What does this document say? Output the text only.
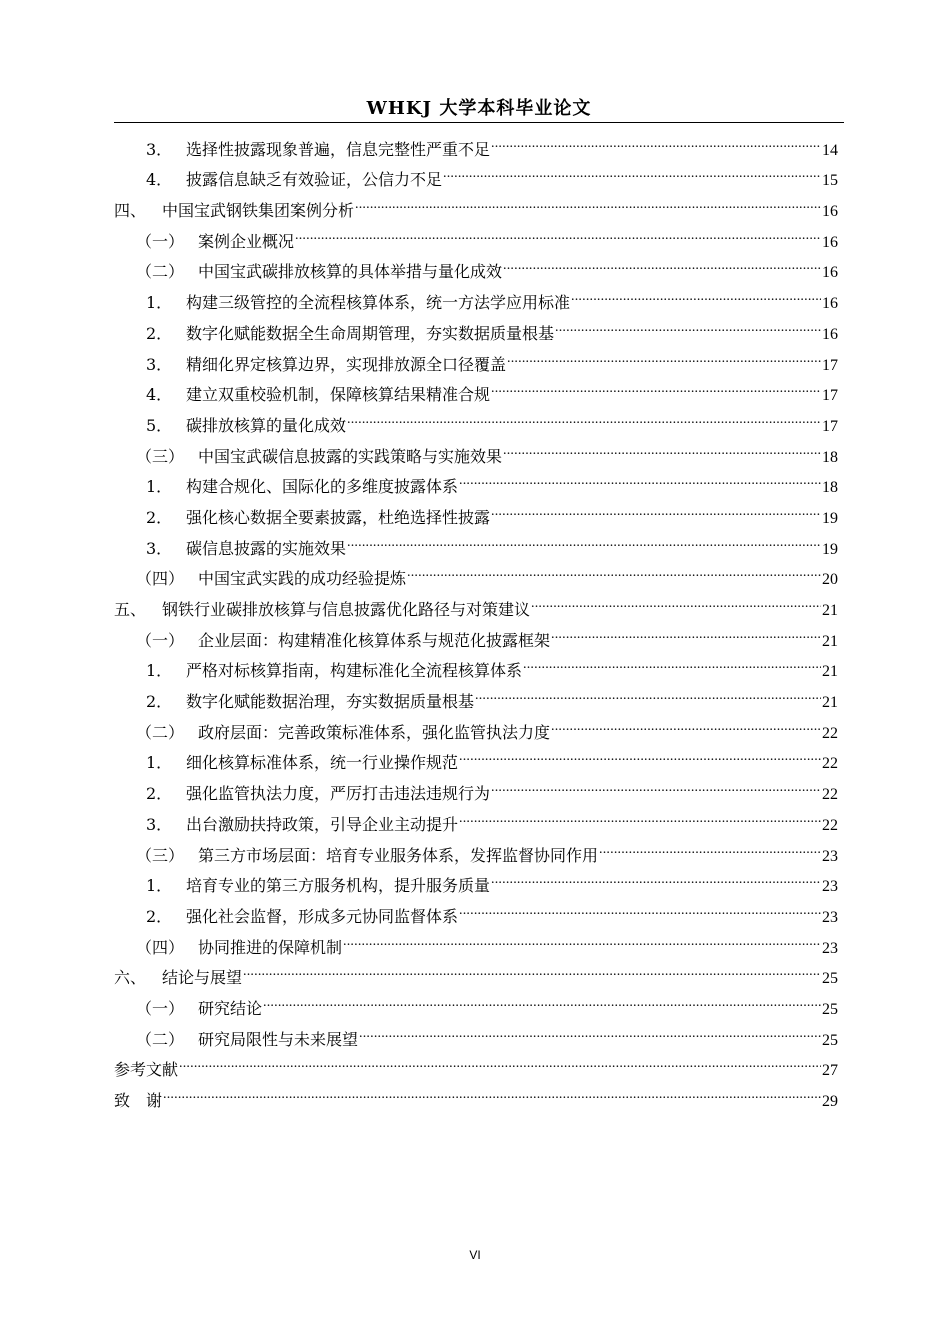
WHKJ 大学本科毕业论文
3． 选择性披露现象普遍，信息完整性严重不足 .....	14
4． 披露信息缺乏有效验证，公信力不足 .....	15
四、 中国宝武钢铁集团案例分析 .....	16
（一） 案例企业概况 .....	16
（二） 中国宝武碳排放核算的具体举措与量化成效 .....	16
1． 构建三级管控的全流程核算体系，统一方法学应用标准 .....	16
2． 数字化赋能数据全生命周期管理，夯实数据质量根基 .....	16
3． 精细化界定核算边界，实现排放源全口径覆盖 .....	17
4． 建立双重校验机制，保障核算结果精准合规 .....	17
5． 碳排放核算的量化成效 .....	17
（三） 中国宝武碳信息披露的实践策略与实施效果 .....	18
1． 构建合规化、国际化的多维度披露体系 .....	18
2． 强化核心数据全要素披露，杜绝选择性披露 .....	19
3． 碳信息披露的实施效果 .....	19
（四） 中国宝武实践的成功经验提炼 .....	20
五、 钢铁行业碳排放核算与信息披露优化路径与对策建议 .....	21
（一） 企业层面：构建精准化核算体系与规范化披露框架 .....	21
1． 严格对标核算指南，构建标准化全流程核算体系 .....	21
2． 数字化赋能数据治理，夯实数据质量根基 .....	21
（二） 政府层面：完善政策标准体系，强化监管执法力度 .....	22
1． 细化核算标准体系，统一行业操作规范 .....	22
2． 强化监管执法力度，严厉打击违法违规行为 .....	22
3． 出台激励扶持政策，引导企业主动提升 .....	22
（三） 第三方市场层面：培育专业服务体系，发挥监督协同作用 .....	23
1． 培育专业的第三方服务机构，提升服务质量 .....	23
2． 强化社会监督，形成多元协同监督体系 .....	23
（四） 协同推进的保障机制 .....	23
六、 结论与展望 .....	25
（一） 研究结论 .....	25
（二） 研究局限性与未来展望 .....	25
参考文献 .....	27
致　谢 .....	29
VI
